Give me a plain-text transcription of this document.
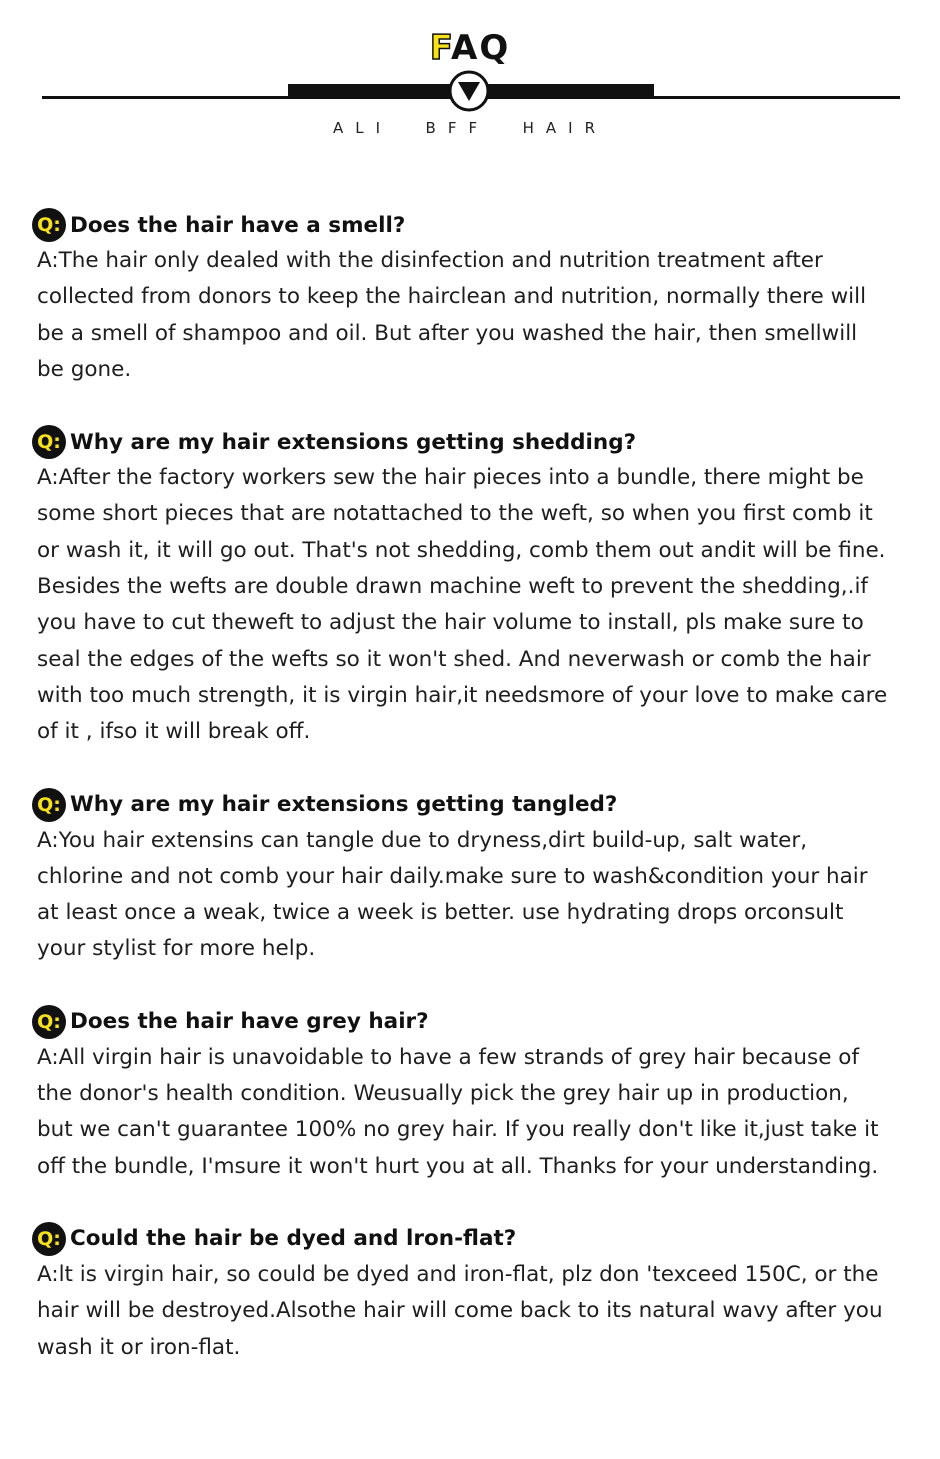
FAQ
ALI  BFF  HAIR
Q: Does the hair have a smell?

A:The hair only dealed with the disinfection and nutrition treatment after
collected from donors to keep the hairclean and nutrition, normally there will
be a smell of shampoo and oil. But after you washed the hair, then smellwill
be gone.

Q: Why are my hair extensions getting shedding?

A:After the factory workers sew the hair pieces into a bundle, there might be
some short pieces that are notattached to the weft, so when you first comb it
or wash it, it will go out. That's not shedding, comb them out andit will be fine.
Besides the wefts are double drawn machine weft to prevent the shedding,.if
you have to cut theweft to adjust the hair volume to install, pls make sure to
seal the edges of the wefts so it won't shed. And neverwash or comb the hair
with too much strength, it is virgin hair,it needsmore of your love to make care
of it , ifso it will break off.

Q: Why are my hair extensions getting tangled?

A:You hair extensins can tangle due to dryness,dirt build-up, salt water,
chlorine and not comb your hair daily.make sure to wash&condition your hair
at least once a weak, twice a week is better. use hydrating drops orconsult
your stylist for more help.

Q: Does the hair have grey hair?

A:All virgin hair is unavoidable to have a few strands of grey hair because of
the donor's health condition. Weusually pick the grey hair up in production,
but we can't guarantee 100% no grey hair. If you really don't like it,just take it
off the bundle, I'msure it won't hurt you at all. Thanks for your understanding.

Q: Could the hair be dyed and lron-flat?

A:lt is virgin hair, so could be dyed and iron-flat, plz don 'texceed 150C, or the
hair will be destroyed.Alsothe hair will come back to its natural wavy after you
wash it or iron-flat.
